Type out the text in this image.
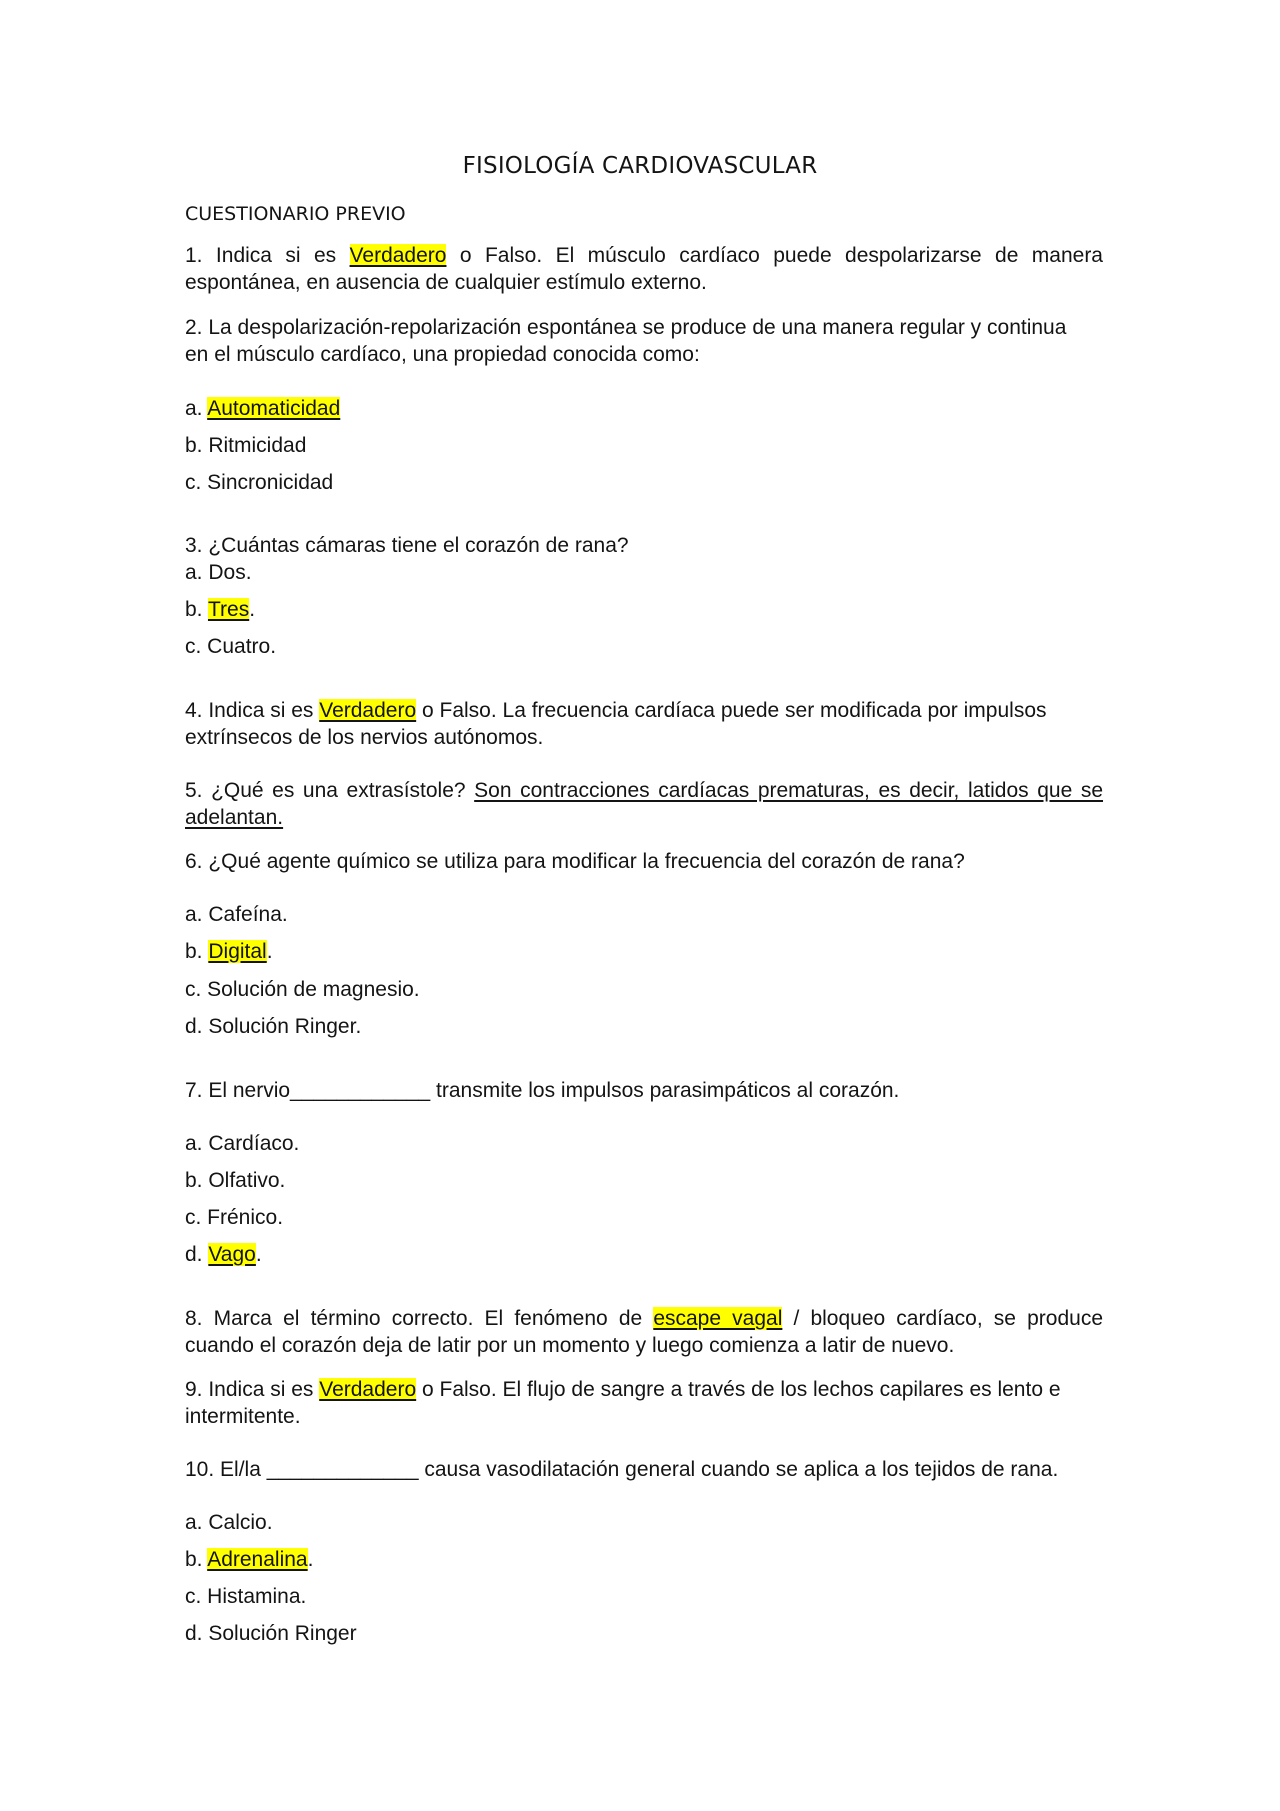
FISIOLOGÍA CARDIOVASCULAR
CUESTIONARIO PREVIO
1. Indica si es Verdadero o Falso. El músculo cardíaco puede despolarizarse de manera
espontánea, en ausencia de cualquier estímulo externo.
2. La despolarización-repolarización espontánea se produce de una manera regular y continua
en el músculo cardíaco, una propiedad conocida como:
a. Automaticidad
b. Ritmicidad
c. Sincronicidad
3. ¿Cuántas cámaras tiene el corazón de rana?
a. Dos.
b. Tres.
c. Cuatro.
4. Indica si es Verdadero o Falso. La frecuencia cardíaca puede ser modificada por impulsos
extrínsecos de los nervios autónomos.
5. ¿Qué es una extrasístole? Son contracciones cardíacas prematuras, es decir, latidos que se
adelantan.
6. ¿Qué agente químico se utiliza para modificar la frecuencia del corazón de rana?
a. Cafeína.
b. Digital.
c. Solución de magnesio.
d. Solución Ringer.
7. El nervio____________ transmite los impulsos parasimpáticos al corazón.
a. Cardíaco.
b. Olfativo.
c. Frénico.
d. Vago.
8. Marca el término correcto. El fenómeno de escape vagal / bloqueo cardíaco, se produce
cuando el corazón deja de latir por un momento y luego comienza a latir de nuevo.
9. Indica si es Verdadero o Falso. El flujo de sangre a través de los lechos capilares es lento e
intermitente.
10. El/la _____________ causa vasodilatación general cuando se aplica a los tejidos de rana.
a. Calcio.
b. Adrenalina.
c. Histamina.
d. Solución Ringer
